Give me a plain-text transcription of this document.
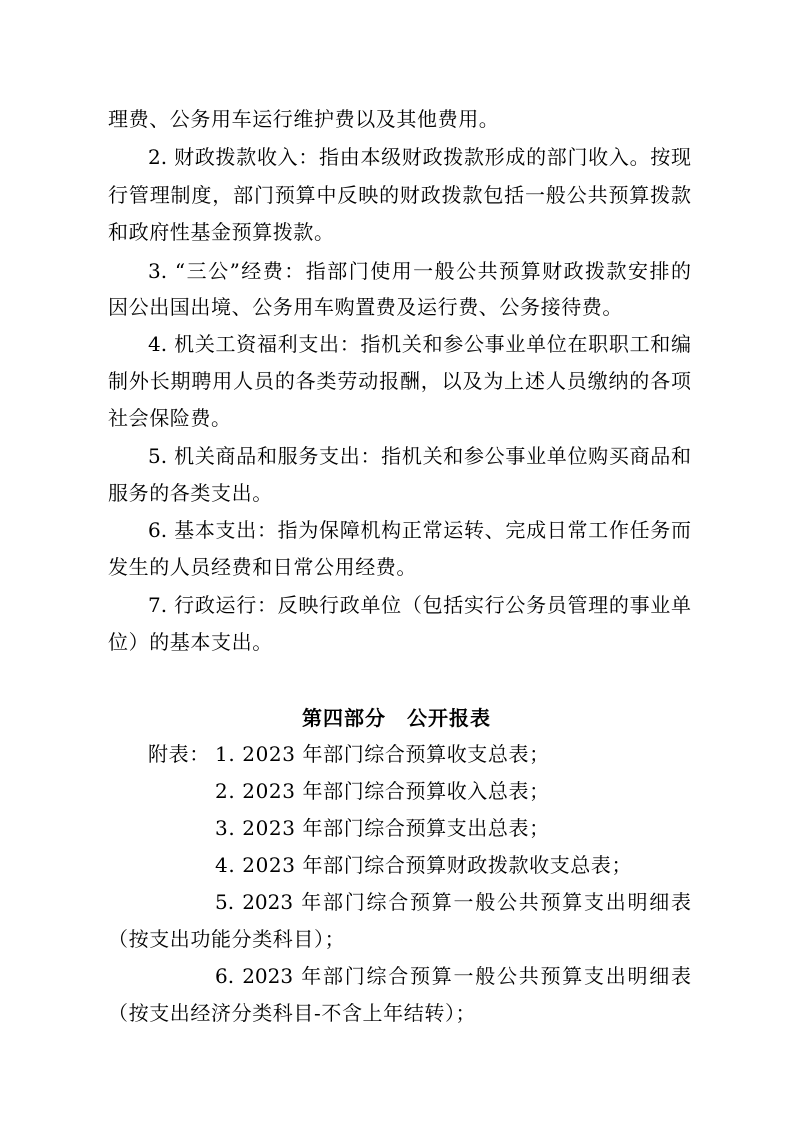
理费、公务用车运行维护费以及其他费用。
2. 财政拨款收入：指由本级财政拨款形成的部门收入。按现
行管理制度，部门预算中反映的财政拨款包括一般公共预算拨款
和政府性基金预算拨款。
3. “三公”经费：指部门使用一般公共预算财政拨款安排的
因公出国出境、公务用车购置费及运行费、公务接待费。
4. 机关工资福利支出：指机关和参公事业单位在职职工和编
制外长期聘用人员的各类劳动报酬，以及为上述人员缴纳的各项
社会保险费。
5. 机关商品和服务支出：指机关和参公事业单位购买商品和
服务的各类支出。
6. 基本支出：指为保障机构正常运转、完成日常工作任务而
发生的人员经费和日常公用经费。
7. 行政运行：反映行政单位（包括实行公务员管理的事业单
位）的基本支出。
第四部分　公开报表
附表： 1. 2023 年部门综合预算收支总表；
2. 2023 年部门综合预算收入总表；
3. 2023 年部门综合预算支出总表；
4. 2023 年部门综合预算财政拨款收支总表；
5. 2023 年部门综合预算一般公共预算支出明细表
（按支出功能分类科目）；
6. 2023 年部门综合预算一般公共预算支出明细表
（按支出经济分类科目-不含上年结转）；
